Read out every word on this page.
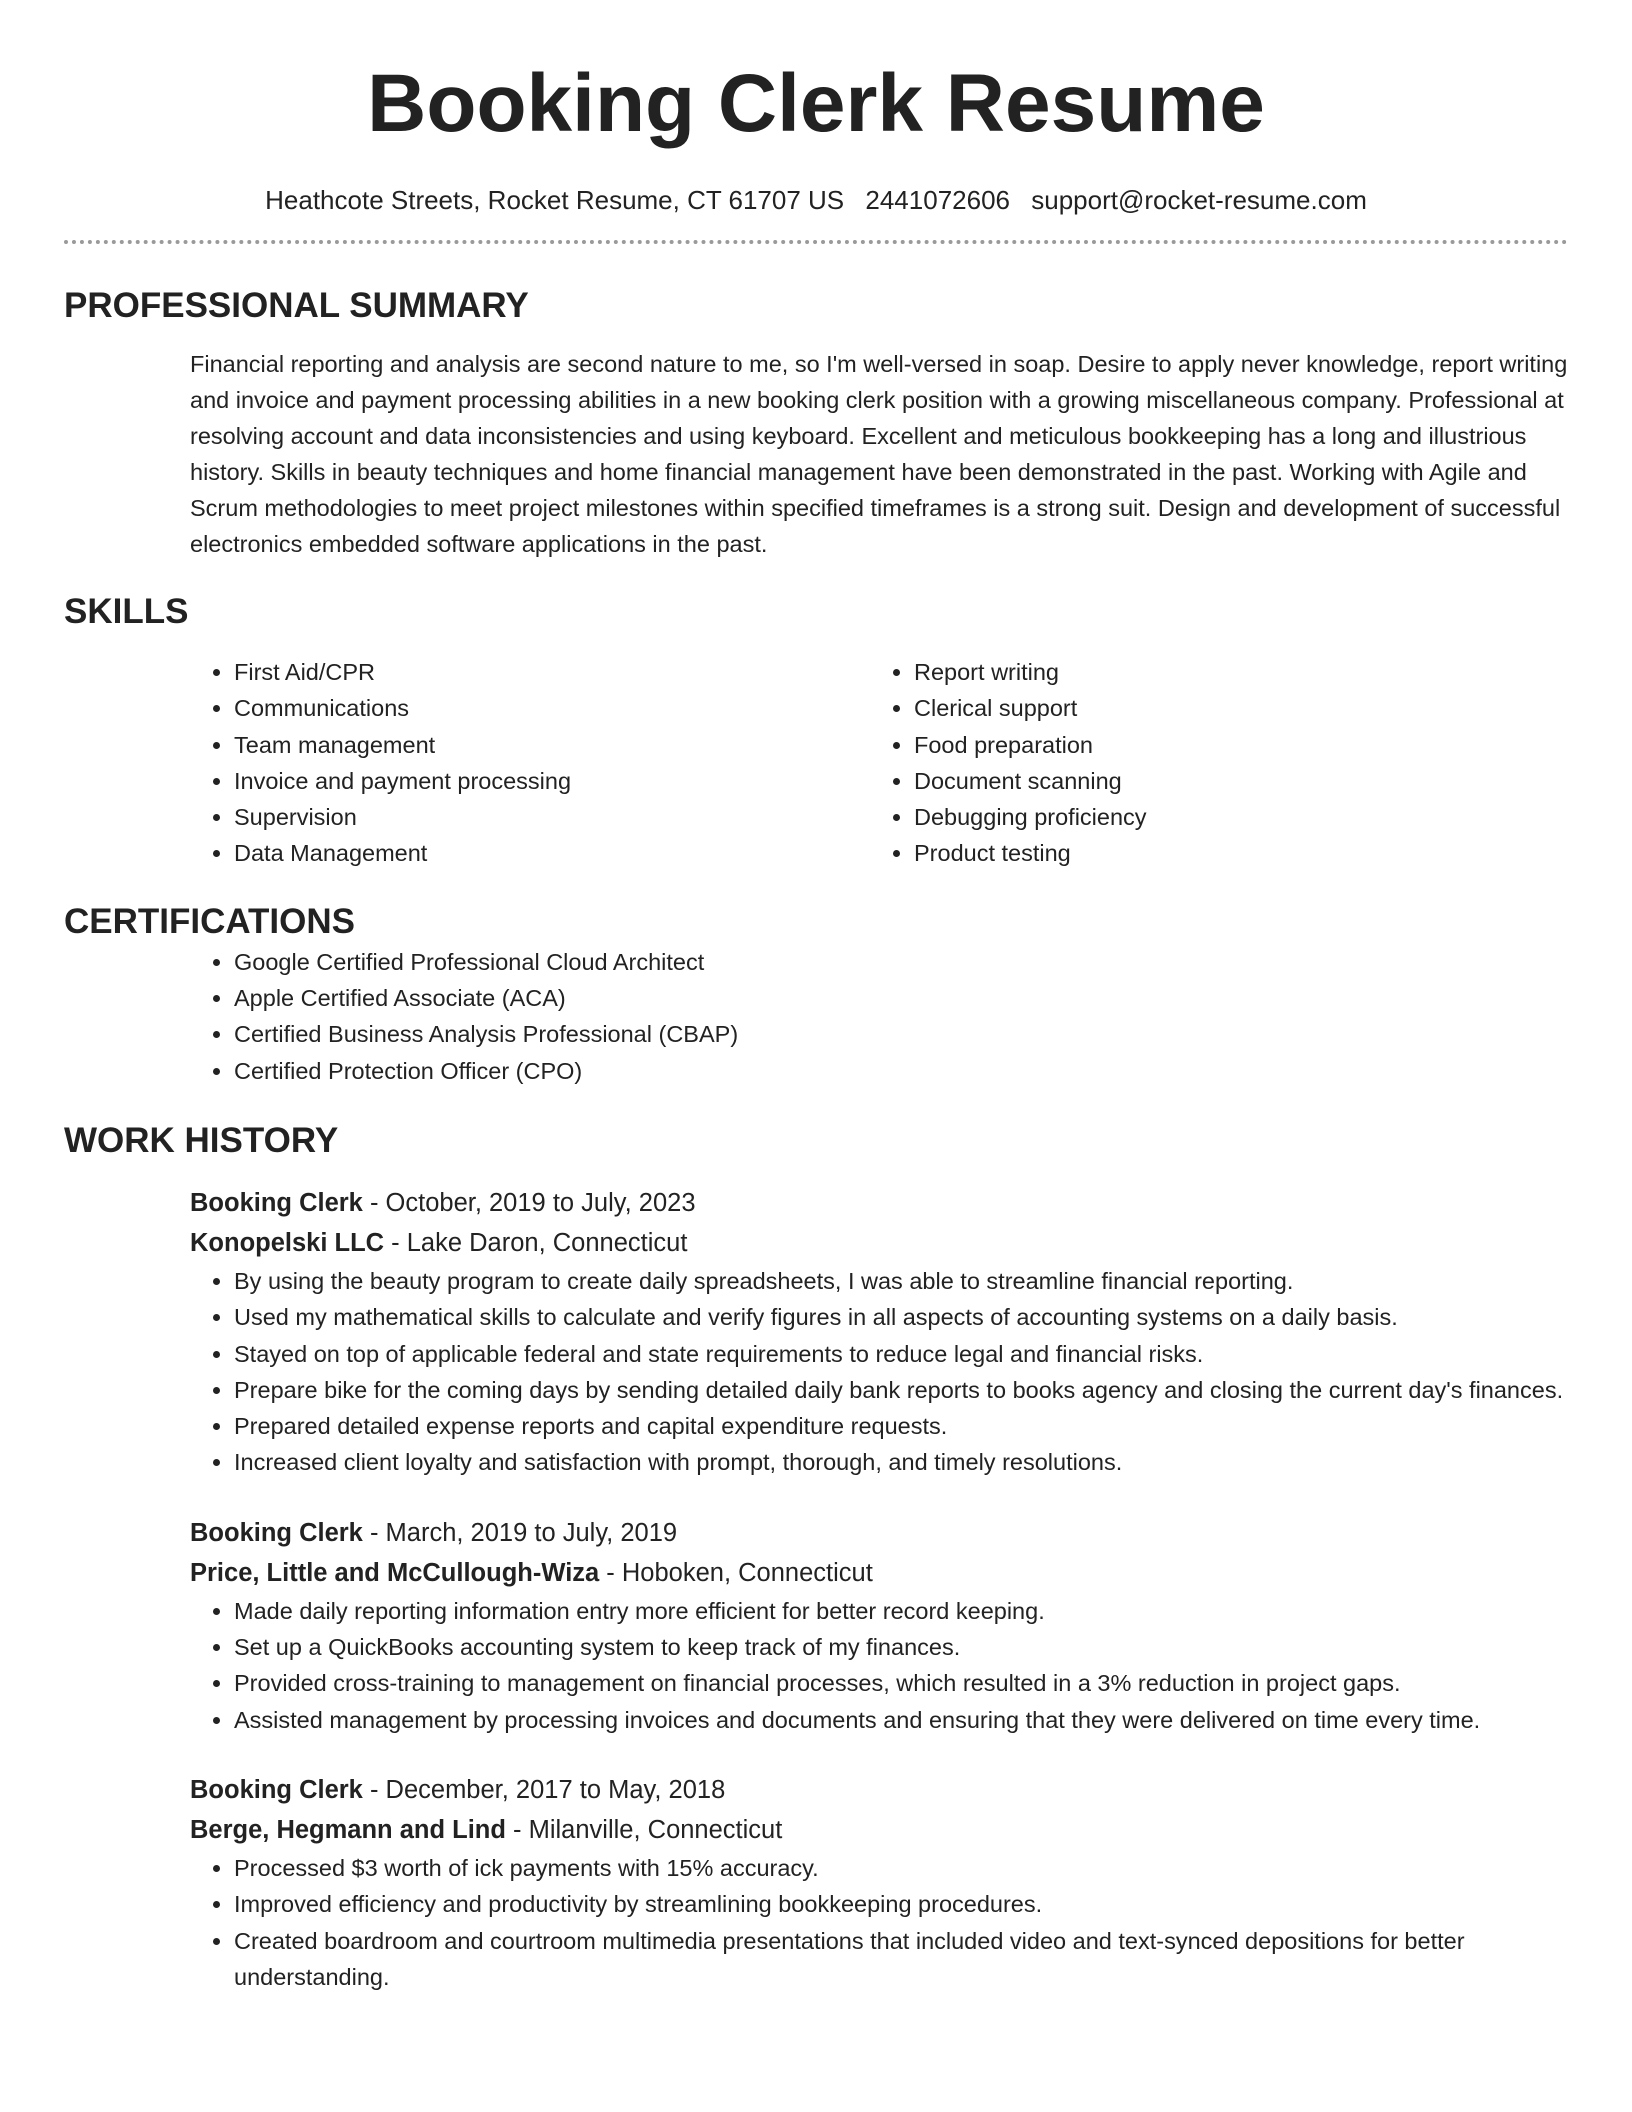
Booking Clerk Resume
Heathcote Streets, Rocket Resume, CT 61707 US 2441072606 support@rocket-resume.com
PROFESSIONAL SUMMARY

Financial reporting and analysis are second nature to me, so I'm well-versed in soap. Desire to apply never knowledge, report writing and invoice and payment processing abilities in a new booking clerk position with a growing miscellaneous company. Professional at resolving account and data inconsistencies and using keyboard. Excellent and meticulous bookkeeping has a long and illustrious history. Skills in beauty techniques and home financial management have been demonstrated in the past. Working with Agile and Scrum methodologies to meet project milestones within specified timeframes is a strong suit. Design and development of successful electronics embedded software applications in the past.

SKILLS
• First Aid/CPR
• Communications
• Team management
• Invoice and payment processing
• Supervision
• Data Management
• Report writing
• Clerical support
• Food preparation
• Document scanning
• Debugging proficiency
• Product testing
CERTIFICATIONS
• Google Certified Professional Cloud Architect
• Apple Certified Associate (ACA)
• Certified Business Analysis Professional (CBAP)
• Certified Protection Officer (CPO)
WORK HISTORY
Booking Clerk - October, 2019 to July, 2023
Konopelski LLC - Lake Daron, Connecticut
• By using the beauty program to create daily spreadsheets, I was able to streamline financial reporting.
• Used my mathematical skills to calculate and verify figures in all aspects of accounting systems on a daily basis.
• Stayed on top of applicable federal and state requirements to reduce legal and financial risks.
• Prepare bike for the coming days by sending detailed daily bank reports to books agency and closing the current day's finances.
• Prepared detailed expense reports and capital expenditure requests.
• Increased client loyalty and satisfaction with prompt, thorough, and timely resolutions.
Booking Clerk - March, 2019 to July, 2019
Price, Little and McCullough-Wiza - Hoboken, Connecticut
• Made daily reporting information entry more efficient for better record keeping.
• Set up a QuickBooks accounting system to keep track of my finances.
• Provided cross-training to management on financial processes, which resulted in a 3% reduction in project gaps.
• Assisted management by processing invoices and documents and ensuring that they were delivered on time every time.
Booking Clerk - December, 2017 to May, 2018
Berge, Hegmann and Lind - Milanville, Connecticut
• Processed $3 worth of ick payments with 15% accuracy.
• Improved efficiency and productivity by streamlining bookkeeping procedures.
• Created boardroom and courtroom multimedia presentations that included video and text-synced depositions for better understanding.
